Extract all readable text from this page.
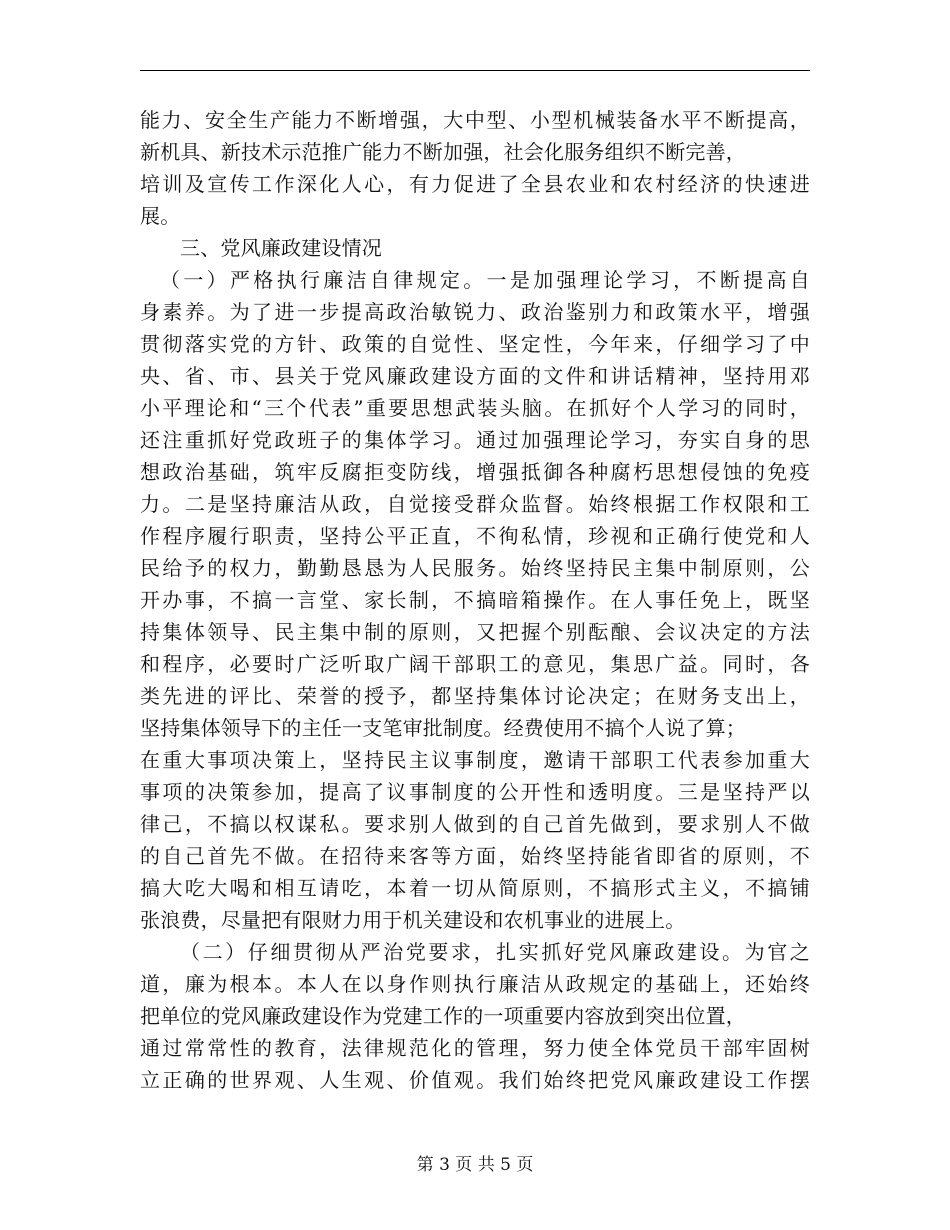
能力、安全生产能力不断增强，大中型、小型机械装备水平不断提高，
新机具、新技术示范推广能力不断加强，社会化服务组织不断完善，
培训及宣传工作深化人心，有力促进了全县农业和农村经济的快速进
展。
三、党风廉政建设情况
（一）严格执行廉洁自律规定。一是加强理论学习，不断提高自
身素养。为了进一步提高政治敏锐力、政治鉴别力和政策水平，增强
贯彻落实党的方针、政策的自觉性、坚定性，今年来，仔细学习了中
央、省、市、县关于党风廉政建设方面的文件和讲话精神，坚持用邓
小平理论和“三个代表”重要思想武装头脑。在抓好个人学习的同时，
还注重抓好党政班子的集体学习。通过加强理论学习，夯实自身的思
想政治基础，筑牢反腐拒变防线，增强抵御各种腐朽思想侵蚀的免疫
力。二是坚持廉洁从政，自觉接受群众监督。始终根据工作权限和工
作程序履行职责，坚持公平正直，不徇私情，珍视和正确行使党和人
民给予的权力，勤勤恳恳为人民服务。始终坚持民主集中制原则，公
开办事，不搞一言堂、家长制，不搞暗箱操作。在人事任免上，既坚
持集体领导、民主集中制的原则，又把握个别酝酿、会议决定的方法
和程序，必要时广泛听取广阔干部职工的意见，集思广益。同时，各
类先进的评比、荣誉的授予，都坚持集体讨论决定；在财务支出上，
坚持集体领导下的主任一支笔审批制度。经费使用不搞个人说了算；
在重大事项决策上，坚持民主议事制度，邀请干部职工代表参加重大
事项的决策参加，提高了议事制度的公开性和透明度。三是坚持严以
律己，不搞以权谋私。要求别人做到的自己首先做到，要求别人不做
的自己首先不做。在招待来客等方面，始终坚持能省即省的原则，不
搞大吃大喝和相互请吃，本着一切从简原则，不搞形式主义，不搞铺
张浪费，尽量把有限财力用于机关建设和农机事业的进展上。
（二）仔细贯彻从严治党要求，扎实抓好党风廉政建设。为官之
道，廉为根本。本人在以身作则执行廉洁从政规定的基础上，还始终
把单位的党风廉政建设作为党建工作的一项重要内容放到突出位置，
通过常常性的教育，法律规范化的管理，努力使全体党员干部牢固树
立正确的世界观、人生观、价值观。我们始终把党风廉政建设工作摆
第 3 页 共 5 页
